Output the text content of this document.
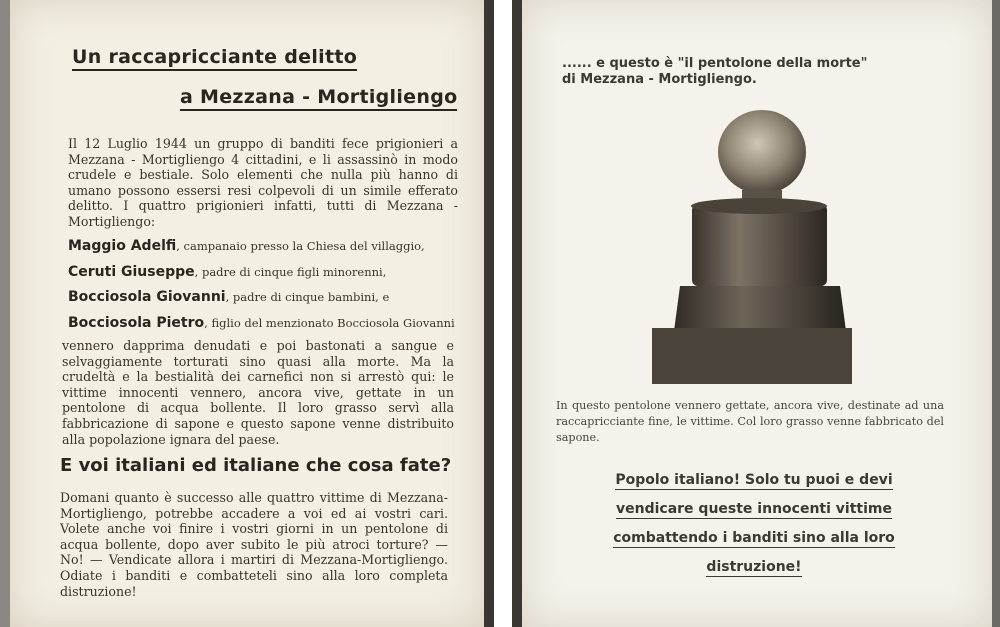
Un raccapricciante delitto
a Mezzana - Mortigliengo
Il 12 Luglio 1944 un gruppo di banditi fece prigionieri a Mezzana - Mortigliengo 4 cittadini, e li assassinò in modo crudele e bestiale. Solo elementi che nulla più hanno di umano possono essersi resi colpevoli di un simile efferato delitto. I quattro prigionieri infatti, tutti di Mezzana - Mortigliengo:
Maggio Adelfi, campanaio presso la Chiesa del villaggio,
Ceruti Giuseppe, padre di cinque figli minorenni,
Bocciosola Giovanni, padre di cinque bambini, e
Bocciosola Pietro, figlio del menzionato Bocciosola Giovanni
vennero dapprima denudati e poi bastonati a sangue e selvaggiamente torturati sino quasi alla morte. Ma la crudeltà e la bestialità dei carnefici non si arrestò qui: le vittime innocenti vennero, ancora vive, gettate in un pentolone di acqua bollente. Il loro grasso servì alla fabbricazione di sapone e questo sapone venne distribuito alla popolazione ignara del paese.
E voi italiani ed italiane che cosa fate?
Domani quanto è successo alle quattro vittime di Mezzana-Mortigliengo, potrebbe accadere a voi ed ai vostri cari. Volete anche voi finire i vostri giorni in un pentolone di acqua bollente, dopo aver subito le più atroci torture? — No! — Vendicate allora i martiri di Mezzana-Mortigliengo. Odiate i banditi e combatteteli sino alla loro completa distruzione!
...... e questo è "il pentolone della morte"
di Mezzana - Mortigliengo.
In questo pentolone vennero gettate, ancora vive, destinate ad una raccapricciante fine, le vittime. Col loro grasso venne fabbricato del sapone.
Popolo italiano! Solo tu puoi e devi
vendicare queste innocenti vittime
combattendo i banditi sino alla loro
distruzione!
